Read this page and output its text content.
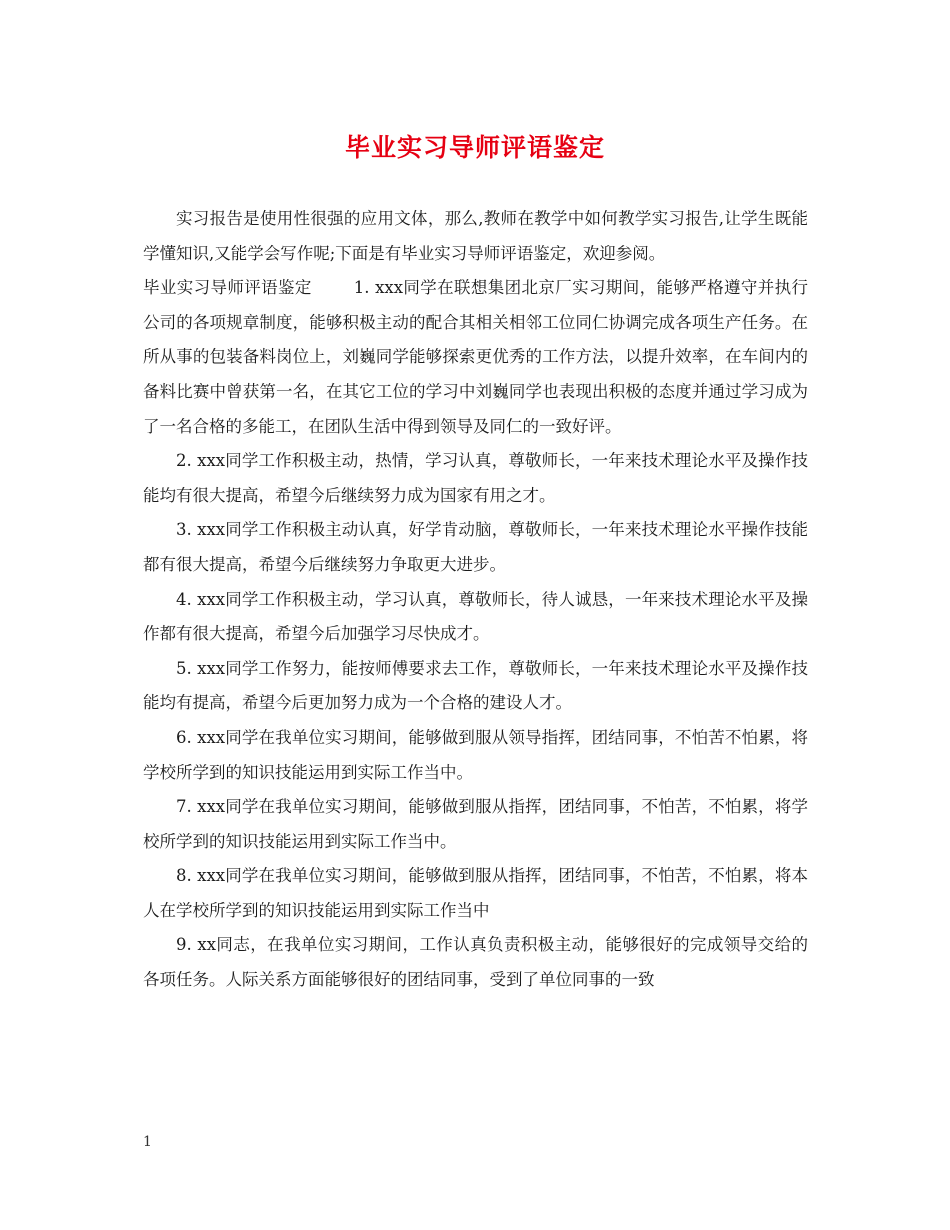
毕业实习导师评语鉴定

实习报告是使用性很强的应用文体，那么,教师在教学中如何教学实习报告,让学生既能学懂知识,又能学会写作呢;下面是有毕业实习导师评语鉴定，欢迎参阅。

毕业实习导师评语鉴定	1. xxx同学在联想集团北京厂实习期间，能够严格遵守并执行公司的各项规章制度，能够积极主动的配合其相关相邻工位同仁协调完成各项生产任务。在所从事的包装备料岗位上，刘巍同学能够探索更优秀的工作方法，以提升效率，在车间内的备料比赛中曾获第一名，在其它工位的学习中刘巍同学也表现出积极的态度并通过学习成为了一名合格的多能工，在团队生活中得到领导及同仁的一致好评。

2. xxx同学工作积极主动，热情，学习认真，尊敬师长，一年来技术理论水平及操作技能均有很大提高，希望今后继续努力成为国家有用之才。

3. xxx同学工作积极主动认真，好学肯动脑，尊敬师长，一年来技术理论水平操作技能都有很大提高，希望今后继续努力争取更大进步。

4. xxx同学工作积极主动，学习认真，尊敬师长，待人诚恳，一年来技术理论水平及操作都有很大提高，希望今后加强学习尽快成才。

5. xxx同学工作努力，能按师傅要求去工作，尊敬师长，一年来技术理论水平及操作技能均有提高，希望今后更加努力成为一个合格的建设人才。

6. xxx同学在我单位实习期间，能够做到服从领导指挥，团结同事，不怕苦不怕累，将学校所学到的知识技能运用到实际工作当中。

7. xxx同学在我单位实习期间，能够做到服从指挥，团结同事，不怕苦，不怕累，将学校所学到的知识技能运用到实际工作当中。

8. xxx同学在我单位实习期间，能够做到服从指挥，团结同事，不怕苦，不怕累，将本人在学校所学到的知识技能运用到实际工作当中

9. xx同志，在我单位实习期间，工作认真负责积极主动，能够很好的完成领导交给的各项任务。人际关系方面能够很好的团结同事，受到了单位同事的一致

1
